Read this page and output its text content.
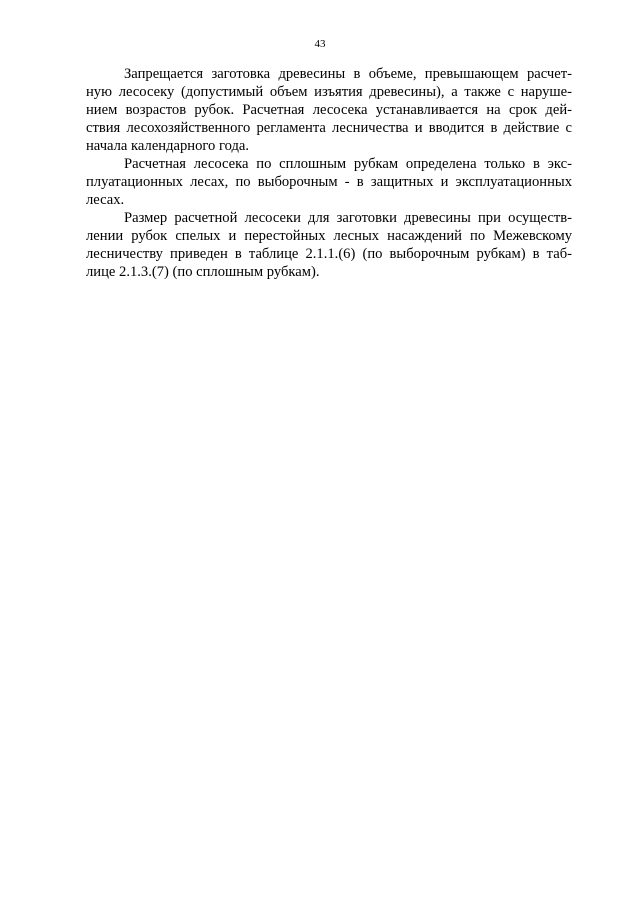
43
Запрещается заготовка древесины в объеме, превышающем расчет-
ную лесосеку (допустимый объем изъятия древесины), а также с наруше-
нием возрастов рубок. Расчетная лесосека устанавливается на срок дей-
ствия лесохозяйственного регламента лесничества и вводится в действие с
начала календарного года.
Расчетная лесосека по сплошным рубкам определена только в экс-
плуатационных лесах, по выборочным - в защитных и эксплуатационных
лесах.
Размер расчетной лесосеки для заготовки древесины при осуществ-
лении рубок спелых и перестойных лесных насаждений по Межевскому
лесничеству приведен в таблице 2.1.1.(6) (по выборочным рубкам) в таб-
лице 2.1.3.(7) (по сплошным рубкам).
